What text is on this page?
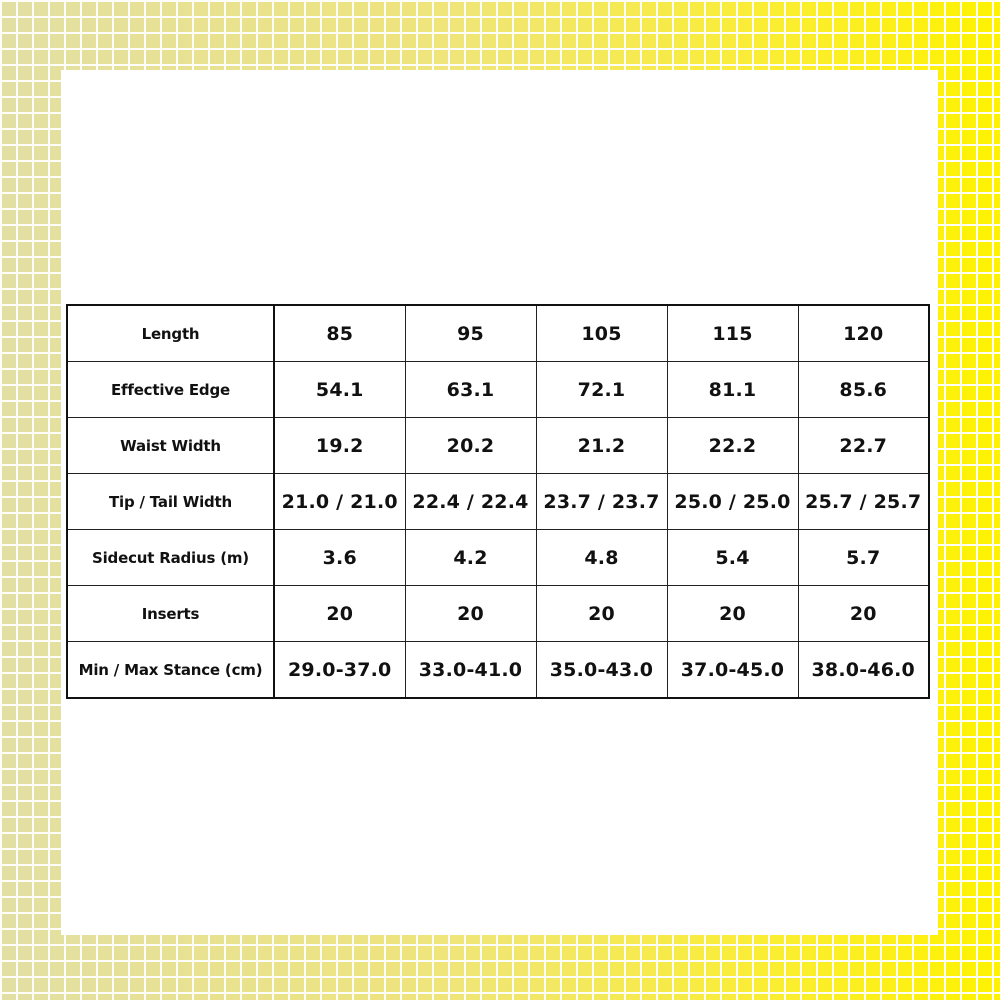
Length	85	95	105	115	120
Effective Edge	54.1	63.1	72.1	81.1	85.6
Waist Width	19.2	20.2	21.2	22.2	22.7
Tip / Tail Width	21.0 / 21.0	22.4 / 22.4	23.7 / 23.7	25.0 / 25.0	25.7 / 25.7
Sidecut Radius (m)	3.6	4.2	4.8	5.4	5.7
Inserts	20	20	20	20	20
Min / Max Stance (cm)	29.0-37.0	33.0-41.0	35.0-43.0	37.0-45.0	38.0-46.0
